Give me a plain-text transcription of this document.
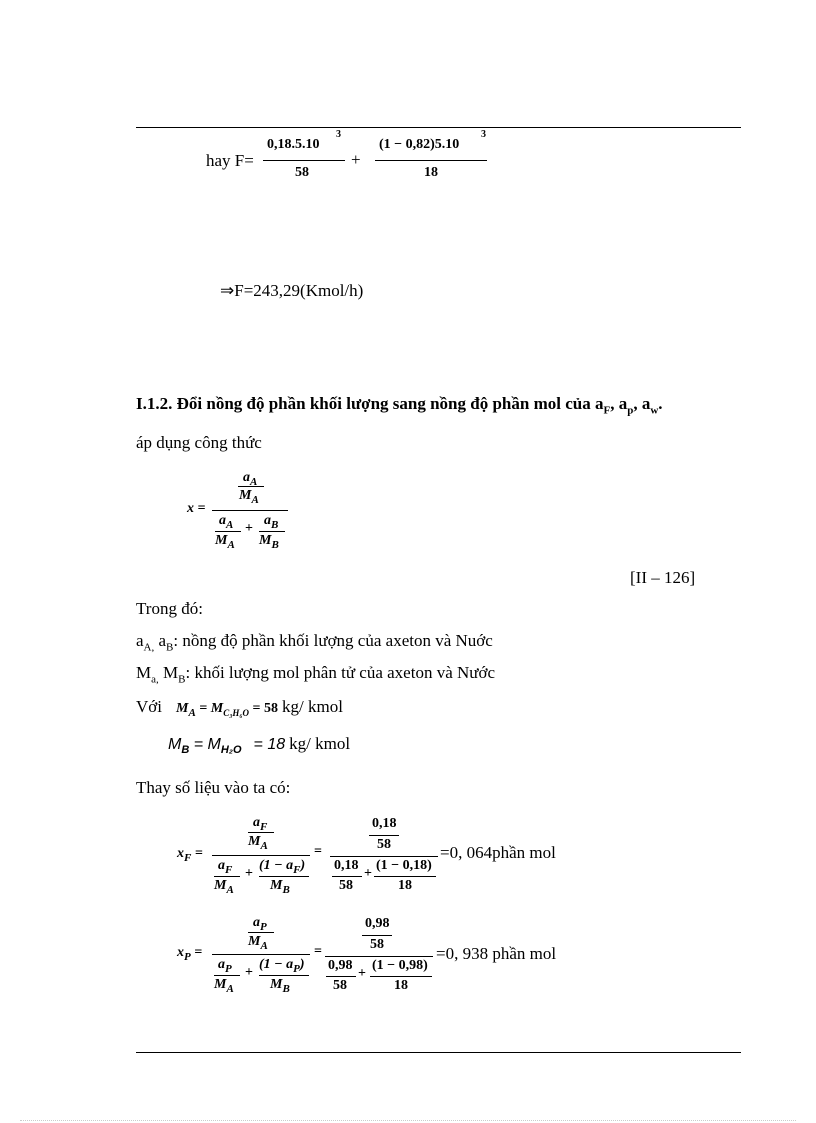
hay F=
0,18.5.10
3
58
+
(1 − 0,82)5.10
3
18
⇒F=243,29(Kmol/h)
I.1.2. Đổi nồng độ phần khối lượng sang nồng độ phần mol của $a_F$, $a_p$, $a_w$.
áp dụng công thức
x =
$a_A$
$M_A$
$a_A$
$M_A$
+
$a_B$
$M_B$
[II – 126]
Trong đó:
$a_{A,}$ $a_B$: nồng độ phần khối lượng của axeton và Nuớc
$M_{a,}$ $M_B$: khối lượng mol phân tử của axeton và Nước
Với $M_A = M_{C_3H_6O} = 58$ kg/ kmol
$M_B = M_{H_2O} = 18$ kg/ kmol
Thay số liệu vào ta có:
$x_F$ =
$a_F$
$M_A$
$a_F$
$M_A$
+
$(1 - a_F)$
$M_B$
=
0,18
58
0,18
58
+
(1 − 0,18)
18
=0, 064phần mol
$x_P$ =
$a_P$
$M_A$
$a_P$
$M_A$
+
$(1 - a_P)$
$M_B$
=
0,98
58
0,98
58
+
(1 − 0,98)
18
=0, 938 phần mol
